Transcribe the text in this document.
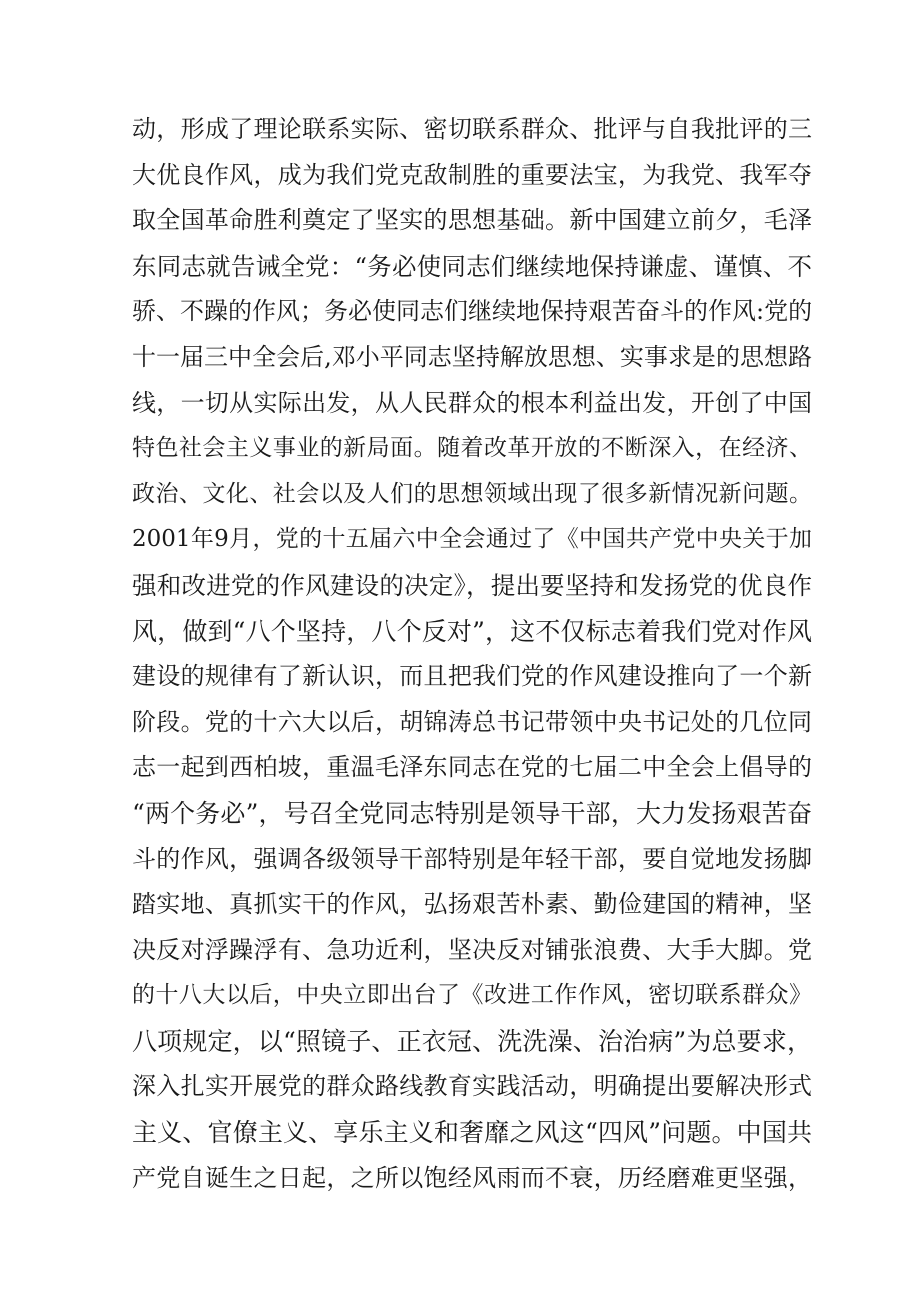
动，形成了理论联系实际、密切联系群众、批评与自我批评的三
大优良作风，成为我们党克敌制胜的重要法宝，为我党、我军夺
取全国革命胜利奠定了坚实的思想基础。新中国建立前夕，毛泽
东同志就告诫全党：“务必使同志们继续地保持谦虚、谨慎、不
骄、不躁的作风；务必使同志们继续地保持艰苦奋斗的作风:党的
十一届三中全会后,邓小平同志坚持解放思想、实事求是的思想路
线，一切从实际出发，从人民群众的根本利益出发，开创了中国
特色社会主义事业的新局面。随着改革开放的不断深入，在经济、
政治、文化、社会以及人们的思想领域出现了很多新情况新问题。
2001年9月，党的十五届六中全会通过了《中国共产党中央关于加
强和改进党的作风建设的决定》，提出要坚持和发扬党的优良作
风，做到“八个坚持，八个反对”，这不仅标志着我们党对作风
建设的规律有了新认识，而且把我们党的作风建设推向了一个新
阶段。党的十六大以后，胡锦涛总书记带领中央书记处的几位同
志一起到西柏坡，重温毛泽东同志在党的七届二中全会上倡导的
“两个务必”，号召全党同志特别是领导干部，大力发扬艰苦奋
斗的作风，强调各级领导干部特别是年轻干部，要自觉地发扬脚
踏实地、真抓实干的作风，弘扬艰苦朴素、勤俭建国的精神，坚
决反对浮躁浮有、急功近利，坚决反对铺张浪费、大手大脚。党
的十八大以后，中央立即出台了《改进工作作风，密切联系群众》
八项规定，以“照镜子、正衣冠、洗洗澡、治治病”为总要求，
深入扎实开展党的群众路线教育实践活动，明确提出要解决形式
主义、官僚主义、享乐主义和奢靡之风这“四风”问题。中国共
产党自诞生之日起，之所以饱经风雨而不衰，历经磨难更坚强，
